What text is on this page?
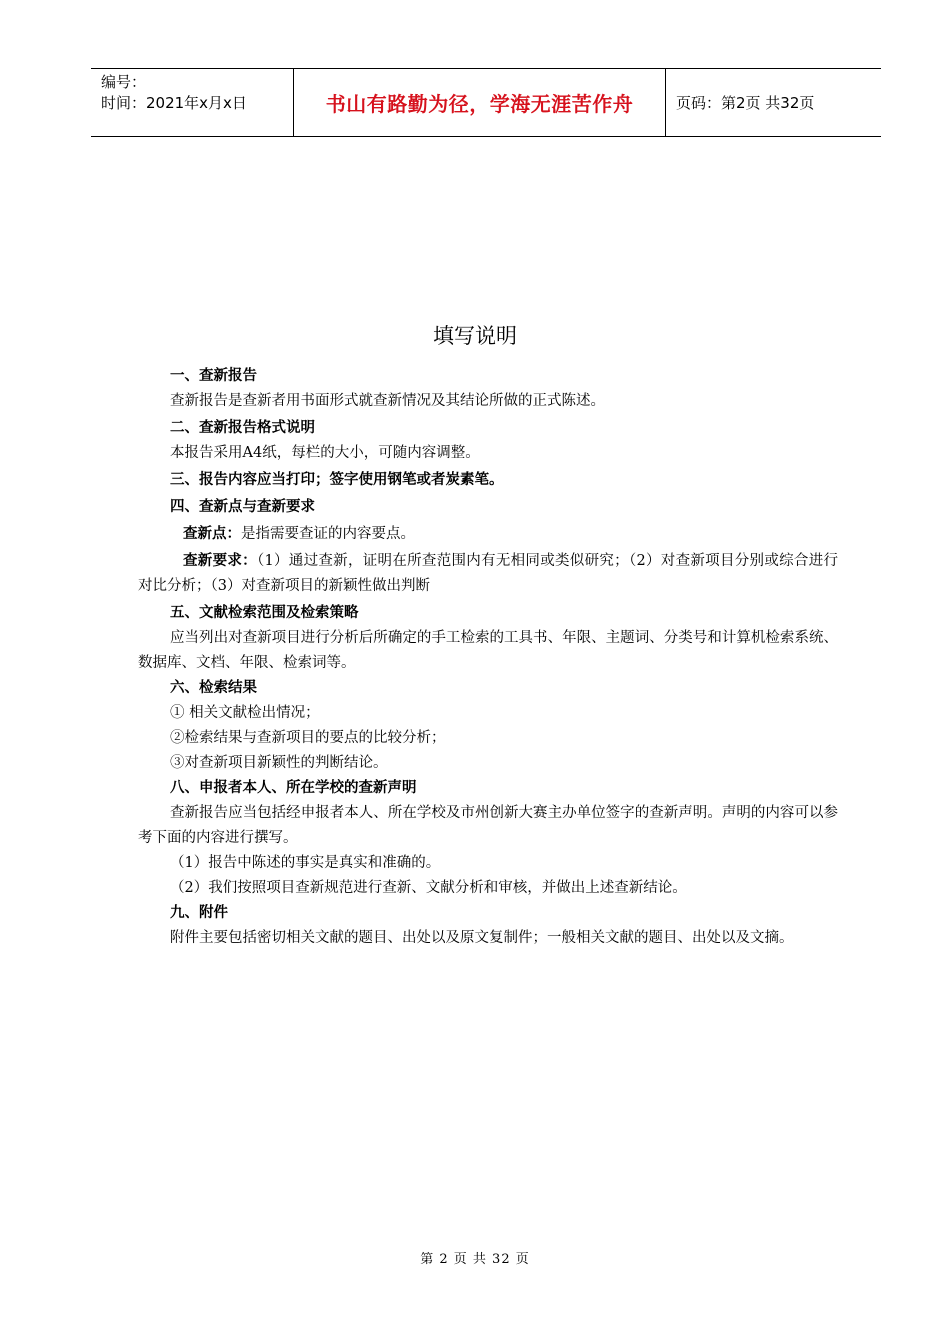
编号：
时间：2021年x月x日	书山有路勤为径，学海无涯苦作舟	页码：第2页 共32页
填写说明

一、查新报告

查新报告是查新者用书面形式就查新情况及其结论所做的正式陈述。

二、查新报告格式说明

本报告采用A4纸，每栏的大小，可随内容调整。

三、报告内容应当打印；签字使用钢笔或者炭素笔。

四、查新点与查新要求

查新点：是指需要查证的内容要点。

查新要求：（1）通过查新，证明在所查范围内有无相同或类似研究；（2）对查新项目分别或综合进行对比分析；（3）对查新项目的新颖性做出判断

五、文献检索范围及检索策略

应当列出对查新项目进行分析后所确定的手工检索的工具书、年限、主题词、分类号和计算机检索系统、数据库、文档、年限、检索词等。

六、检索结果

① 相关文献检出情况；

②检索结果与查新项目的要点的比较分析；

③对查新项目新颖性的判断结论。

八、申报者本人、所在学校的查新声明

查新报告应当包括经申报者本人、所在学校及市州创新大赛主办单位签字的查新声明。声明的内容可以参考下面的内容进行撰写。

（1）报告中陈述的事实是真实和准确的。

（2）我们按照项目查新规范进行查新、文献分析和审核，并做出上述查新结论。

九、附件

附件主要包括密切相关文献的题目、出处以及原文复制件；一般相关文献的题目、出处以及文摘。

第 2 页 共 32 页
